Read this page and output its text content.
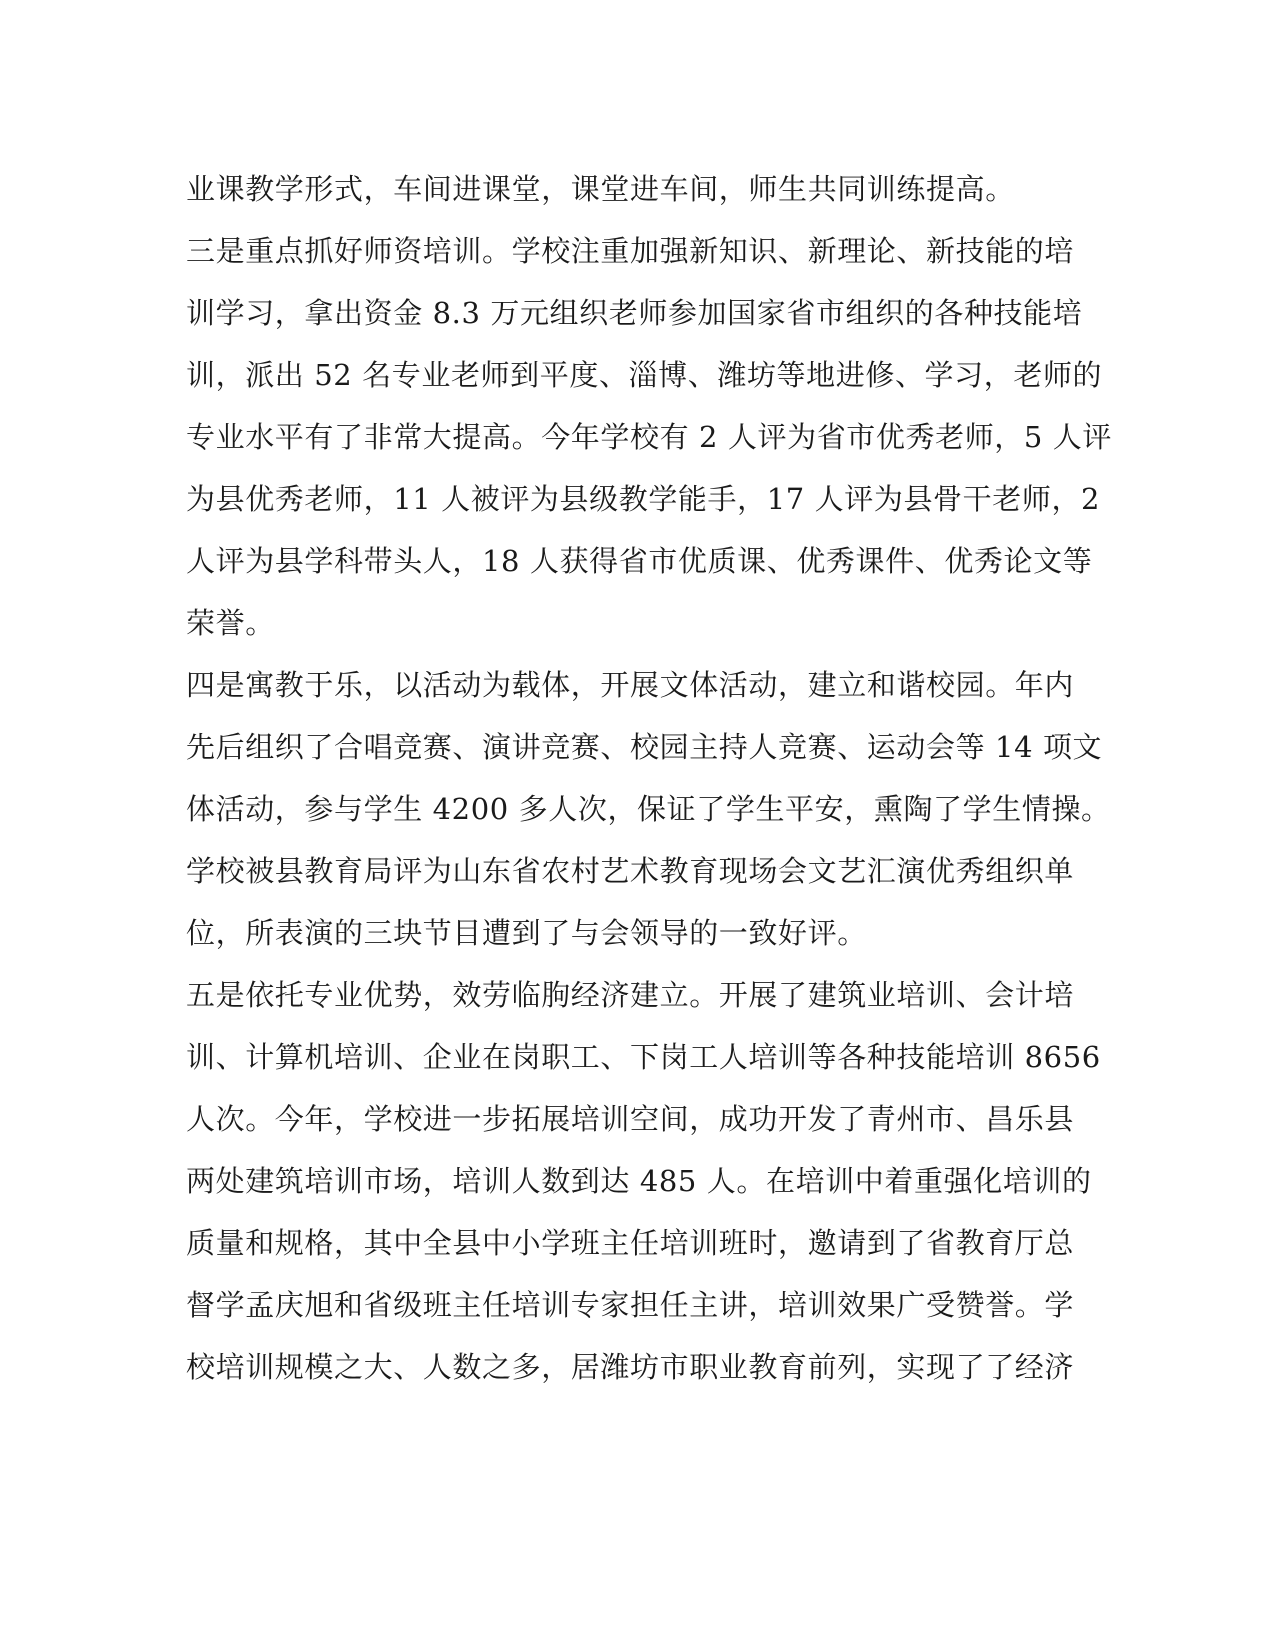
业课教学形式，车间进课堂，课堂进车间，师生共同训练提高。
三是重点抓好师资培训。学校注重加强新知识、新理论、新技能的培
训学习，拿出资金 8.3 万元组织老师参加国家省市组织的各种技能培
训，派出 52 名专业老师到平度、淄博、潍坊等地进修、学习，老师的
专业水平有了非常大提高。今年学校有 2 人评为省市优秀老师，5 人评
为县优秀老师，11 人被评为县级教学能手，17 人评为县骨干老师，2
人评为县学科带头人，18 人获得省市优质课、优秀课件、优秀论文等
荣誉。
四是寓教于乐，以活动为载体，开展文体活动，建立和谐校园。年内
先后组织了合唱竞赛、演讲竞赛、校园主持人竞赛、运动会等 14 项文
体活动，参与学生 4200 多人次，保证了学生平安，熏陶了学生情操。
学校被县教育局评为山东省农村艺术教育现场会文艺汇演优秀组织单
位，所表演的三块节目遭到了与会领导的一致好评。
五是依托专业优势，效劳临朐经济建立。开展了建筑业培训、会计培
训、计算机培训、企业在岗职工、下岗工人培训等各种技能培训 8656
人次。今年，学校进一步拓展培训空间，成功开发了青州市、昌乐县
两处建筑培训市场，培训人数到达 485 人。在培训中着重强化培训的
质量和规格，其中全县中小学班主任培训班时，邀请到了省教育厅总
督学孟庆旭和省级班主任培训专家担任主讲，培训效果广受赞誉。学
校培训规模之大、人数之多，居潍坊市职业教育前列，实现了了经济
